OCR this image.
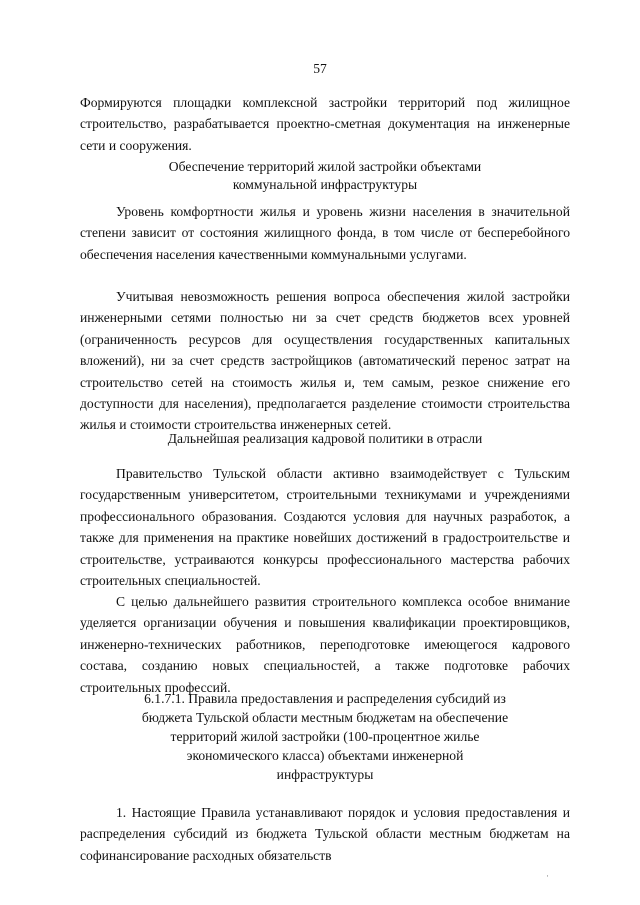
57

Формируются площадки комплексной застройки территорий под жилищное строительство, разрабатывается проектно-сметная документация на инженерные сети и сооружения.

Обеспечение территорий жилой застройки объектами коммунальной инфраструктуры

Уровень комфортности жилья и уровень жизни населения в значительной степени зависит от состояния жилищного фонда, в том числе от бесперебойного обеспечения населения качественными коммунальными услугами.

Учитывая невозможность решения вопроса обеспечения жилой застройки инженерными сетями полностью ни за счет средств бюджетов всех уровней (ограниченность ресурсов для осуществления государственных капитальных вложений), ни за счет средств застройщиков (автоматический перенос затрат на строительство сетей на стоимость жилья и, тем самым, резкое снижение его доступности для населения), предполагается разделение стоимости строительства жилья и стоимости строительства инженерных сетей.

Дальнейшая реализация кадровой политики в отрасли

Правительство Тульской области активно взаимодействует с Тульским государственным университетом, строительными техникумами и учреждениями профессионального образования. Создаются условия для научных разработок, а также для применения на практике новейших достижений в градостроительстве и строительстве, устраиваются конкурсы профессионального мастерства рабочих строительных специальностей.

С целью дальнейшего развития строительного комплекса особое внимание уделяется организации обучения и повышения квалификации проектировщиков, инженерно-технических работников, переподготовке имеющегося кадрового состава, созданию новых специальностей, а также подготовке рабочих строительных профессий.

6.1.7.1. Правила предоставления и распределения субсидий из бюджета Тульской области местным бюджетам на обеспечение территорий жилой застройки (100-процентное жилье экономического класса) объектами инженерной инфраструктуры

1. Настоящие Правила устанавливают порядок и условия предоставления и распределения субсидий из бюджета Тульской области местным бюджетам на софинансирование расходных обязательств

·
